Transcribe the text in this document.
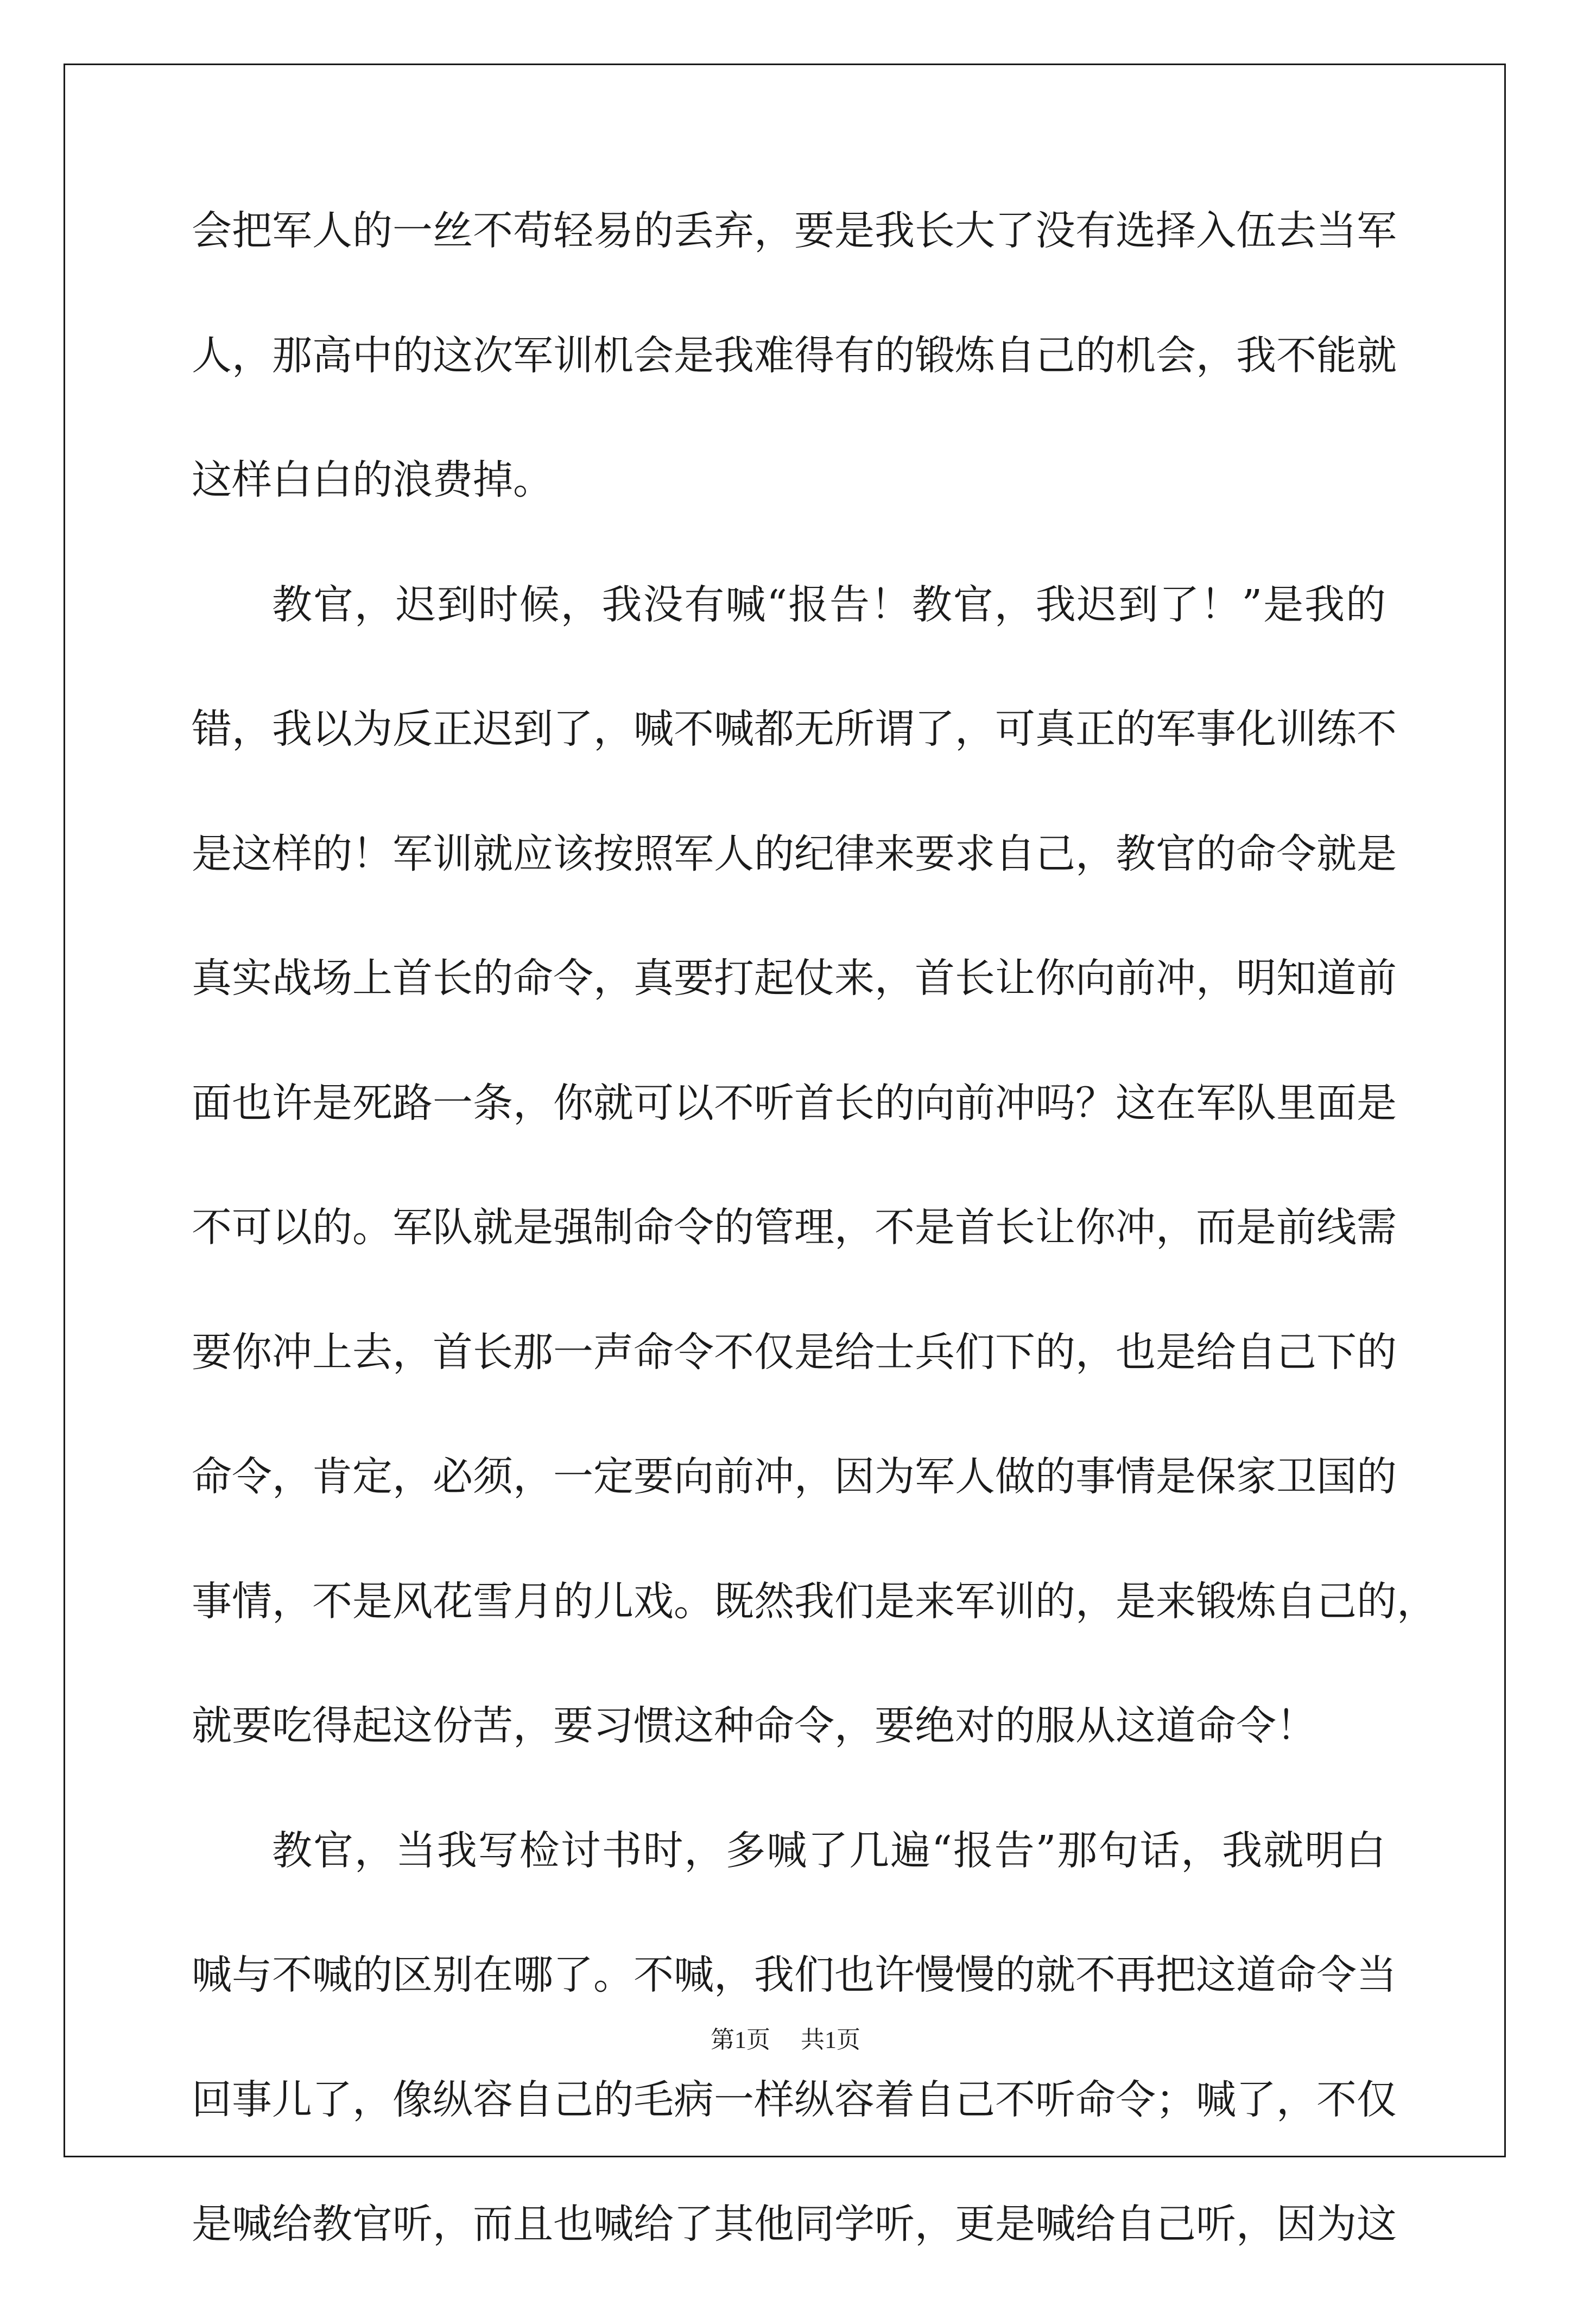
会把军人的一丝不苟轻易的丢弃，要是我长大了没有选择入伍去当军
人，那高中的这次军训机会是我难得有的锻炼自己的机会，我不能就
这样白白的浪费掉。
教官，迟到时候，我没有喊“报告！教官，我迟到了！”是我的
错，我以为反正迟到了，喊不喊都无所谓了，可真正的军事化训练不
是这样的！军训就应该按照军人的纪律来要求自己，教官的命令就是
真实战场上首长的命令，真要打起仗来，首长让你向前冲，明知道前
面也许是死路一条，你就可以不听首长的向前冲吗？这在军队里面是
不可以的。军队就是强制命令的管理，不是首长让你冲，而是前线需
要你冲上去，首长那一声命令不仅是给士兵们下的，也是给自己下的
命令，肯定，必须，一定要向前冲，因为军人做的事情是保家卫国的
事情，不是风花雪月的儿戏。既然我们是来军训的，是来锻炼自己的，
就要吃得起这份苦，要习惯这种命令，要绝对的服从这道命令！
教官，当我写检讨书时，多喊了几遍“报告”那句话，我就明白
喊与不喊的区别在哪了。不喊，我们也许慢慢的就不再把这道命令当
回事儿了，像纵容自己的毛病一样纵容着自己不听命令；喊了，不仅
是喊给教官听，而且也喊给了其他同学听，更是喊给自己听，因为这
第1页 共1页
